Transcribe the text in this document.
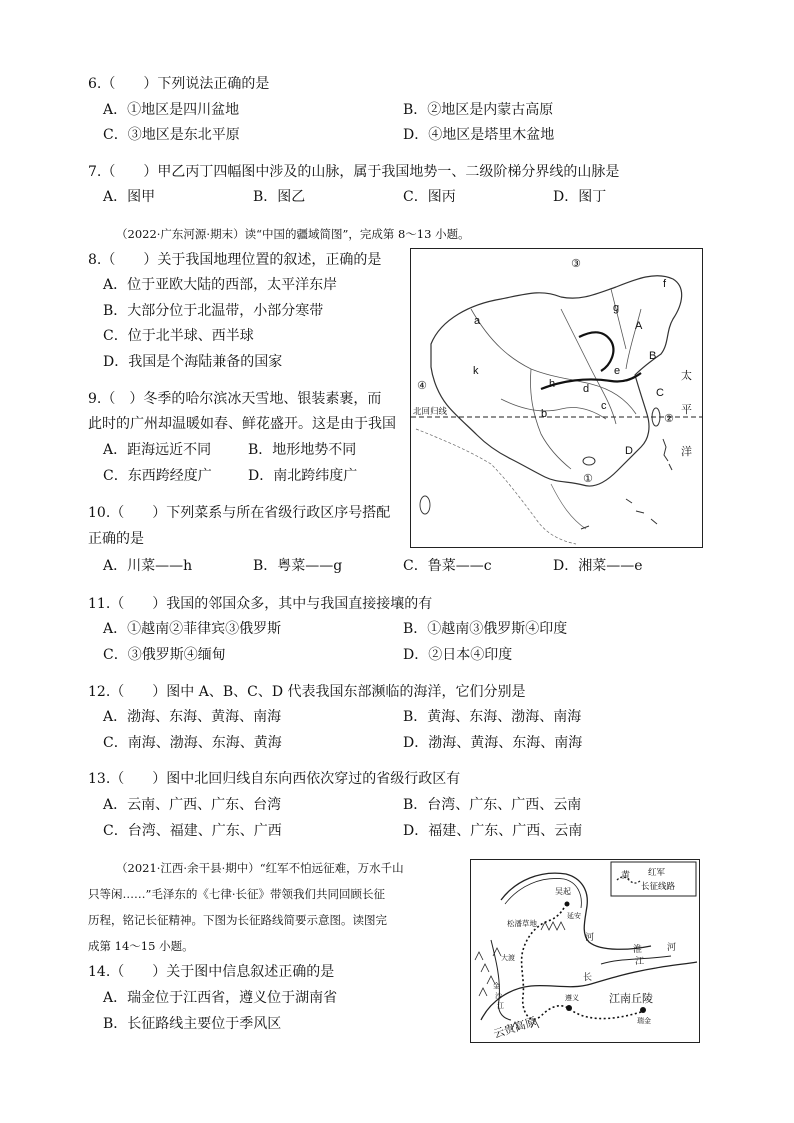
6.（　　）下列说法正确的是
A．①地区是四川盆地	B．②地区是内蒙古高原
C．③地区是东北平原	D．④地区是塔里木盆地
7.（　　）甲乙丙丁四幅图中涉及的山脉，属于我国地势一、二级阶梯分界线的山脉是
A．图甲	B．图乙	C．图丙	D．图丁
（2022·广东河源·期末）读“中国的疆域简图”，完成第 8～13 小题。
8.（　　）关于我国地理位置的叙述，正确的是
A．位于亚欧大陆的西部，太平洋东岸
B．大部分位于北温带，小部分寒带
C．位于北半球、西半球
D．我国是个海陆兼备的国家
9.（　）冬季的哈尔滨冰天雪地、银装素裹，而
此时的广州却温暖如春、鲜花盛开。这是由于我国
A．距海远近不同	B．地形地势不同
C．东西跨经度广	D．南北跨纬度广
10.（　　）下列菜系与所在省级行政区序号搭配
正确的是
A．川菜——h	B．粤菜——g	C．鲁菜——c	D．湘菜——e
11.（　　）我国的邻国众多，其中与我国直接接壤的有
A．①越南②菲律宾③俄罗斯	B．①越南③俄罗斯④印度
C．③俄罗斯④缅甸	D．②日本④印度
12.（　　）图中 A、B、C、D 代表我国东部濒临的海洋，它们分别是
A．渤海、东海、黄海、南海	B．黄海、东海、渤海、南海
C．南海、渤海、东海、黄海	D．渤海、黄海、东海、南海
13.（　　）图中北回归线自东向西依次穿过的省级行政区有
A．云南、广西、广东、台湾	B．台湾、广东、广西、云南
C．台湾、福建、广东、广西	D．福建、广东、广西、云南
（2021·江西·余干县·期中）“红军不怕远征难，万水千山
只等闲……”毛泽东的《七律·长征》带领我们共同回顾长征
历程，铭记长征精神。下图为长征路线简要示意图。读图完
成第 14～15 小题。
14.（　　）关于图中信息叙述正确的是
A．瑞金位于江西省，遵义位于湖南省
B．长征路线主要位于季风区
③
④
②
①
a
b
c
d
e
f
g
h
k
A
B
C
D
太
平
洋
北回归线
红军
长征线路
吴起
延安
松潘草地
遵义
瑞金
江南丘陵
云贵高原
黄
河
淮	河
长
江
金
沙
江
大渡
